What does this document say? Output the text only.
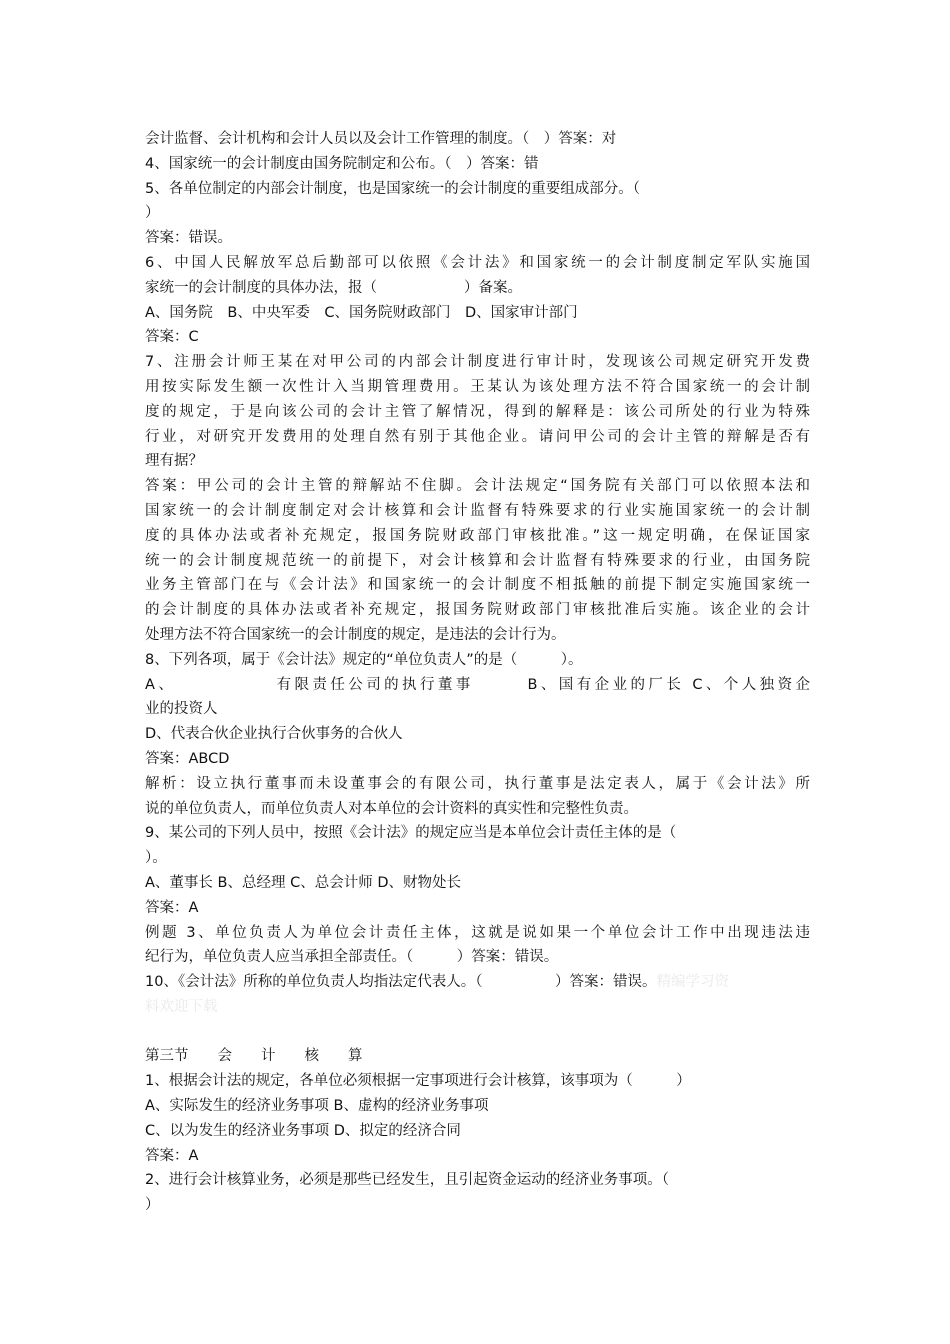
会计监督、会计机构和会计人员以及会计工作管理的制度。（　）答案：对
4、国家统一的会计制度由国务院制定和公布。（　）答案：错
5、各单位制定的内部会计制度，也是国家统一的会计制度的重要组成部分。（
）
答案：错误。
6、中国人民解放军总后勤部可以依照《会计法》和国家统一的会计制度制定军队实施国
家统一的会计制度的具体办法，报（　　　　　　）备案。
A、国务院　B、中央军委　C、国务院财政部门　D、国家审计部门
答案：C
7、注册会计师王某在对甲公司的内部会计制度进行审计时，发现该公司规定研究开发费
用按实际发生额一次性计入当期管理费用。王某认为该处理方法不符合国家统一的会计制
度的规定，于是向该公司的会计主管了解情况，得到的解释是：该公司所处的行业为特殊
行业，对研究开发费用的处理自然有别于其他企业。请问甲公司的会计主管的辩解是否有
理有据？
答案：甲公司的会计主管的辩解站不住脚。会计法规定“国务院有关部门可以依照本法和
国家统一的会计制度制定对会计核算和会计监督有特殊要求的行业实施国家统一的会计制
度的具体办法或者补充规定，报国务院财政部门审核批准。”这一规定明确，在保证国家
统一的会计制度规范统一的前提下，对会计核算和会计监督有特殊要求的行业，由国务院
业务主管部门在与《会计法》和国家统一的会计制度不相抵触的前提下制定实施国家统一
的会计制度的具体办法或者补充规定，报国务院财政部门审核批准后实施。该企业的会计
处理方法不符合国家统一的会计制度的规定，是违法的会计行为。
8、下列各项，属于《会计法》规定的“单位负责人”的是（　　　）。
A、　　　　　　有限责任公司的执行董事　　　B、国有企业的厂长 C、个人独资企
业的投资人
D、代表合伙企业执行合伙事务的合伙人
答案：ABCD
解析：设立执行董事而未设董事会的有限公司，执行董事是法定表人，属于《会计法》所
说的单位负责人，而单位负责人对本单位的会计资料的真实性和完整性负责。
9、某公司的下列人员中，按照《会计法》的规定应当是本单位会计责任主体的是（
）。
A、董事长 B、总经理 C、总会计师 D、财物处长
答案：A
例题 3、单位负责人为单位会计责任主体，这就是说如果一个单位会计工作中出现违法违
纪行为，单位负责人应当承担全部责任。（　　　）答案：错误。
10、《会计法》所称的单位负责人均指法定代表人。（　　　　　）答案：错误。精编学习资
料欢迎下载
第三节　　会　　计　　核　　算
1、根据会计法的规定，各单位必须根据一定事项进行会计核算，该事项为（　　　）
A、实际发生的经济业务事项 B、虚构的经济业务事项
C、以为发生的经济业务事项 D、拟定的经济合同
答案：A
2、进行会计核算业务，必须是那些已经发生，且引起资金运动的经济业务事项。（
）
